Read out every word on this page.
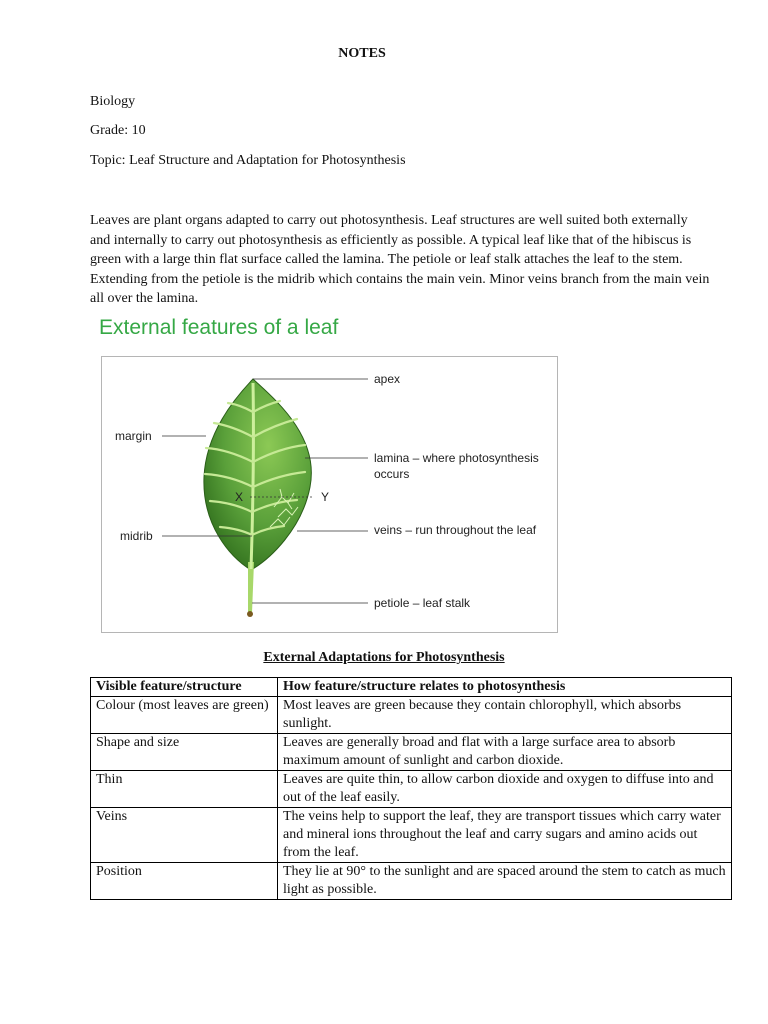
NOTES
Biology
Grade: 10
Topic: Leaf Structure and Adaptation for Photosynthesis

Leaves are plant organs adapted to carry out photosynthesis. Leaf structures are well suited both externally and internally to carry out photosynthesis as efficiently as possible. A typical leaf like that of the hibiscus is green with a large thin flat surface called the lamina. The petiole or leaf stalk attaches the leaf to the stem. Extending from the petiole is the midrib which contains the main vein. Minor veins branch from the main vein all over the lamina.

External features of a leaf
apex
margin
lamina – where photosynthesis
occurs
X	Y
midrib	veins – run throughout the leaf
petiole – leaf stalk
External Adaptations for Photosynthesis
Visible feature/structure	How feature/structure relates to photosynthesis
Colour (most leaves are green)	Most leaves are green because they contain chlorophyll, which absorbs sunlight.
Shape and size	Leaves are generally broad and flat with a large surface area to absorb maximum amount of sunlight and carbon dioxide.
Thin	Leaves are quite thin, to allow carbon dioxide and oxygen to diffuse into and out of the leaf easily.
Veins	The veins help to support the leaf, they are transport tissues which carry water and mineral ions throughout the leaf and carry sugars and amino acids out from the leaf.
Position	They lie at 90° to the sunlight and are spaced around the stem to catch as much light as possible.
